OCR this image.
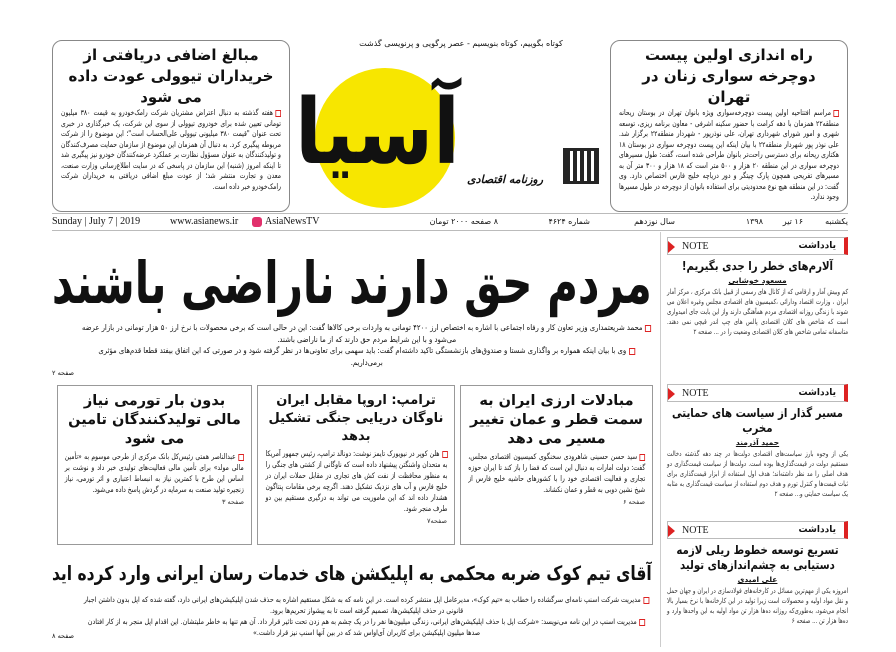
کوتاه بگوییم، کوتاه بنویسیم - عصر پرگویی و پرنویسی گذشت
مبالغ اضافی دریافتی از خریداران تیوولی عودت داده می شود

هفته گذشته به دنبال اعتراض مشتریان شرکت رامک‌خودرو به قیمت ۳۸۰ میلیون تومانی تعیین شده برای خودروی تیوولی از سوی این شرکت، یک خبرگذاری در خبری تحت عنوان "قیمت ۳۸۰ میلیونی تیوولی علی‌الحساب است"؛ این موضوع را از شرکت مربوطه پیگیری کرد. به دنبال آن همزمان این موضوع از سازمان حمایت مصرف‌کنندگان و تولیدکنندگان به عنوان مسؤول نظارت بر عملکرد عرضه‌کنندگان خودرو نیز پیگیری شد تا اینکه امروز (شنبه) این سازمان در پاسخی که در سایت اطلاع‌رسانی وزارت صنعت، معدن و تجارت منتشر شد؛ از عودت مبلغ اضافی دریافتی به خریداران شرکت رامک‌خودرو خبر داده است.

آسیا روزنامه اقتصادی
راه اندازی اولین پیست دوچرخه سواری زنان در تهران

مراسم افتتاحیه اولین پیست دوچرخه‌سواری ویژه بانوان تهران در بوستان ریحانه منطقه۲۲ همزمان با دهه کرامت با حضور سکینه اشرفی - معاون برنامه ریزی، توسعه شهری و امور شورای شهرداری تهران، علی نوذرپور - شهردار منطقه۲۲ برگزار شد. علی نوذر پور شهردار منطقه۲۲ با بیان اینکه این پیست دوچرخه سواری در بوستان ۱۸ هکتاری ریحانه برای دسترسی راحت‌تر بانوان طراحی شده است، گفت: طول مسیرهای دوچرخه سواری در این منطقه ۲۰ هزار و ۵۰۰ متر است که ۱۸ هزار و ۳۰۰ متر آن به مسیرهای تفریحی همچون پارک چیتگر و دور دریاچه خلیج فارس اختصاص دارد. وی گفت: در این منطقه هیچ نوع محدودیتی برای استفاده بانوان از دوچرخه در طول مسیرها وجود ندارد.

Sunday | July 7 | 2019	www.asianews.ir	AsiaNewsTV	۸ صفحه ۲۰۰۰ تومان	شماره ۴۶۲۴	سال نوزدهم	۱۳۹۸ ۱۶ تیر	یکشنبه
مردم حق دارند ناراضی باشند

محمد شریعتمداری وزیر تعاون کار و رفاه اجتماعی با اشاره به اختصاص ارز ۴۲۰۰ تومانی به واردات برخی کالاها گفت: این در حالی است که برخی محصولات با نرخ ارز ۵۰ هزار تومانی در بازار عرضه می‌شود و با این شرایط مردم حق دارند که از ما ناراضی باشند.

وی با بیان اینکه همواره بر واگذاری شستا و صندوق‌های بازنشستگی تاکید داشته‌ام گفت: باید سهمی برای تعاونی‌ها در نظر گرفته شود و در صورتی که این اتفاق بیفتد قطعا قدم‌های مؤثری برمی‌داریم.

صفحه ۲
مبادلات ارزی ایران به سمت قطر و عمان تغییر مسیر می دهد

سید حسن حسینی شاهرودی سخنگوی کمیسیون اقتصادی مجلس، گفت: دولت امارات به دنبال این است که فضا را باز کند تا ایران حوزه تجاری و فعالیت اقتصادی خود را با کشورهای حاشیه خلیج فارس از شیخ نشین دوبی به قطر و عمان نکشاند.

صفحه ۶
ترامپ: اروپا مقابل ایران ناوگان دریایی جنگی تشکیل بدهد

هلن کوپر در نیویورک تایمز نوشت: دونالد ترامپ، رئیس جمهور آمریکا به متحدان واشنگتن پیشنهاد داده است که ناوگانی از کشتی های جنگی را به منظور محافظت از نفت کش های تجاری در مقابل حملات ایران در خلیج فارس و آب های نزدیک تشکیل دهند. اگرچه برخی مقامات پنتاگون هشدار داده اند که این ماموریت می تواند به درگیری مستقیم بین دو طرف منجر شود.

صفحه۷
بدون بار تورمی نیاز مالی تولیدکنندگان تامین می شود

عبدالناصر همتی رئیس‌کل بانک مرکزی از طرحی موسوم به «تأمین مالی مولد» برای تأمین مالی فعالیت‌های تولیدی خبر داد و نوشت بر اساس این طرح با کمترین نیاز به انبساط اعتباری و اثر تورمی، نیاز زنجیره تولید صنعت به سرمایه در گردش پاسخ داده می‌شود.

صفحه ۳
آقای تیم کوک ضربه محکمی به اپلیکشن های خدمات رسان ایرانی وارد کرده اید

مدیریت شرکت اسنپ نامه‌ای سرگشاده را خطاب به «تیم کوک»، مدیرعامل اپل منتشر کرده است. در این نامه که به شکل مستقیم اشاره به حذف شدن اپلیکیشن‌های ایرانی دارد، گفته شده که اپل بدون داشتن اجبار قانونی در حذف اپلیکیشن‌ها، تصمیم گرفته است تا به پیشواز تحریم‌ها برود.

مدیریت اسنپ در این نامه می‌نویسد: «شرکت اپل با حذف اپلیکیشن‌های ایرانی، زندگی میلیون‌ها نفر را در یک چشم به هم زدن تحت تاثیر قرار داد. آن هم تنها به خاطر ملیتشان. این اقدام اپل منجر به از کار افتادن صدها میلیون اپلیکیشن برای کاربران آی‌اواس شد که در بین آنها اسنپ نیز قرار داشت.»

صفحه ۸
یادداشت
NOTE
آلارم‌های خطر را جدی بگیریم!
مسعود خوشابی

کم وبیش آمار و ارقامی که از کانال های رسمی از قبیل بانک مرکزی ، مرکز آمار ایران ، وزارت اقتصاد ودارائی ،کمیسیون های اقتصادی مجلس وغیره اعلان می شوند با زندگی روزانه اقتصادی مردم همآهنگی دارند واز این بابت جای امیدواری است که شاخص های کلان اقتصادی پالس های چپ اندر قیچی نمی دهند. متاسفانه تمامی شاخص های کلان اقتصادی وضعیت را در ... صفحه ۲

یادداشت
NOTE
مسیر گذار از سیاست های حمایتی مخرب
حمید آذرمند

یکی از وجوه بارز سیاست‌های اقتصادی دولت‌ها در چند دهه گذشته دخالت مستقیم دولت در قیمت‌گذاری‌ها بوده است. دولت‌ها از سیاست قیمت‌گذاری دو هدف اصلی را مد نظر داشته‌اند؛ هدف اول استفاده از ابزار قیمت‌گذاری برای ثبات قیمت‌ها و کنترل تورم و هدف دوم استفاده از سیاست قیمت‌گذاری به مثابه یک سیاست حمایتی و... صفحه ۲

یادداشت
NOTE
تسریع توسعه خطوط ریلی لازمه دستیابی به چشم‌اندازهای تولید
علی امیدی

امروزه یکی از مهم‌ترین مسائل در کارخانه‌های فولادسازی در ایران و جهان حمل و نقل مواد اولیه و محصولات است زیرا تولید در این کارخانه‌ها با نرخ بسیار بالا انجام می‌شود، به‌طوری‌که روزانه ده‌ها هزار تن مواد اولیه به این واحدها وارد و ده‌ها هزار تن ... صفحه ۶
